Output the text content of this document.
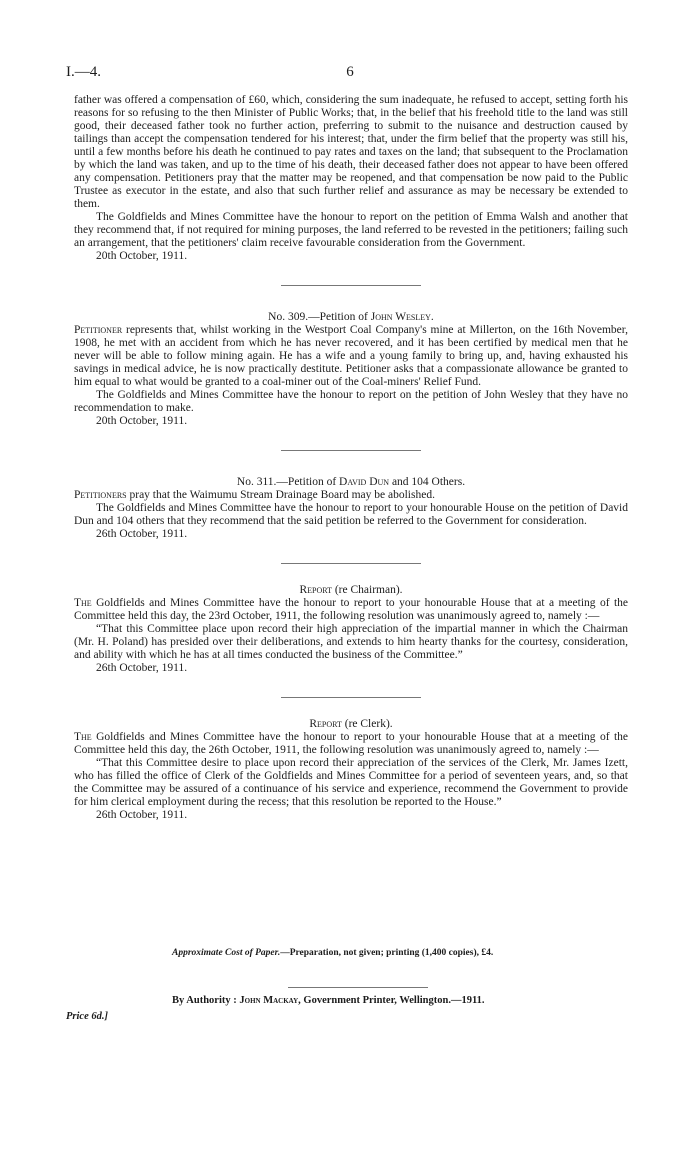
I.—4.	6

father was offered a compensation of £60, which, considering the sum inadequate, he refused to accept, setting forth his reasons for so refusing to the then Minister of Public Works; that, in the belief that his freehold title to the land was still good, their deceased father took no further action, preferring to submit to the nuisance and destruction caused by tailings than accept the compensation tendered for his interest; that, under the firm belief that the property was still his, until a few months before his death he continued to pay rates and taxes on the land; that subsequent to the Proclamation by which the land was taken, and up to the time of his death, their deceased father does not appear to have been offered any compensation. Petitioners pray that the matter may be reopened, and that compensation be now paid to the Public Trustee as executor in the estate, and also that such further relief and assurance as may be necessary be extended to them.

The Goldfields and Mines Committee have the honour to report on the petition of Emma Walsh and another that they recommend that, if not required for mining purposes, the land referred to be revested in the petitioners; failing such an arrangement, that the petitioners' claim receive favourable consideration from the Government.

20th October, 1911.

No. 309.—Petition of John Wesley.

Petitioner represents that, whilst working in the Westport Coal Company's mine at Millerton, on the 16th November, 1908, he met with an accident from which he has never recovered, and it has been certified by medical men that he never will be able to follow mining again. He has a wife and a young family to bring up, and, having exhausted his savings in medical advice, he is now practically destitute. Petitioner asks that a compassionate allowance be granted to him equal to what would be granted to a coal-miner out of the Coal-miners' Relief Fund.

The Goldfields and Mines Committee have the honour to report on the petition of John Wesley that they have no recommendation to make.

20th October, 1911.

No. 311.—Petition of David Dun and 104 Others.

Petitioners pray that the Waimumu Stream Drainage Board may be abolished.

The Goldfields and Mines Committee have the honour to report to your honourable House on the petition of David Dun and 104 others that they recommend that the said petition be referred to the Government for consideration.

26th October, 1911.

Report (re Chairman).

The Goldfields and Mines Committee have the honour to report to your honourable House that at a meeting of the Committee held this day, the 23rd October, 1911, the following resolution was unanimously agreed to, namely :—

“That this Committee place upon record their high appreciation of the impartial manner in which the Chairman (Mr. H. Poland) has presided over their deliberations, and extends to him hearty thanks for the courtesy, consideration, and ability with which he has at all times conducted the business of the Committee.”

26th October, 1911.

Report (re Clerk).

The Goldfields and Mines Committee have the honour to report to your honourable House that at a meeting of the Committee held this day, the 26th October, 1911, the following resolution was unanimously agreed to, namely :—

“That this Committee desire to place upon record their appreciation of the services of the Clerk, Mr. James Izett, who has filled the office of Clerk of the Goldfields and Mines Committee for a period of seventeen years, and, so that the Committee may be assured of a continuance of his service and experience, recommend the Government to provide for him clerical employment during the recess; that this resolution be reported to the House.”

26th October, 1911.

Approximate Cost of Paper.—Preparation, not given; printing (1,400 copies), £4.
By Authority : John Mackay, Government Printer, Wellington.—1911.
Price 6d.]
